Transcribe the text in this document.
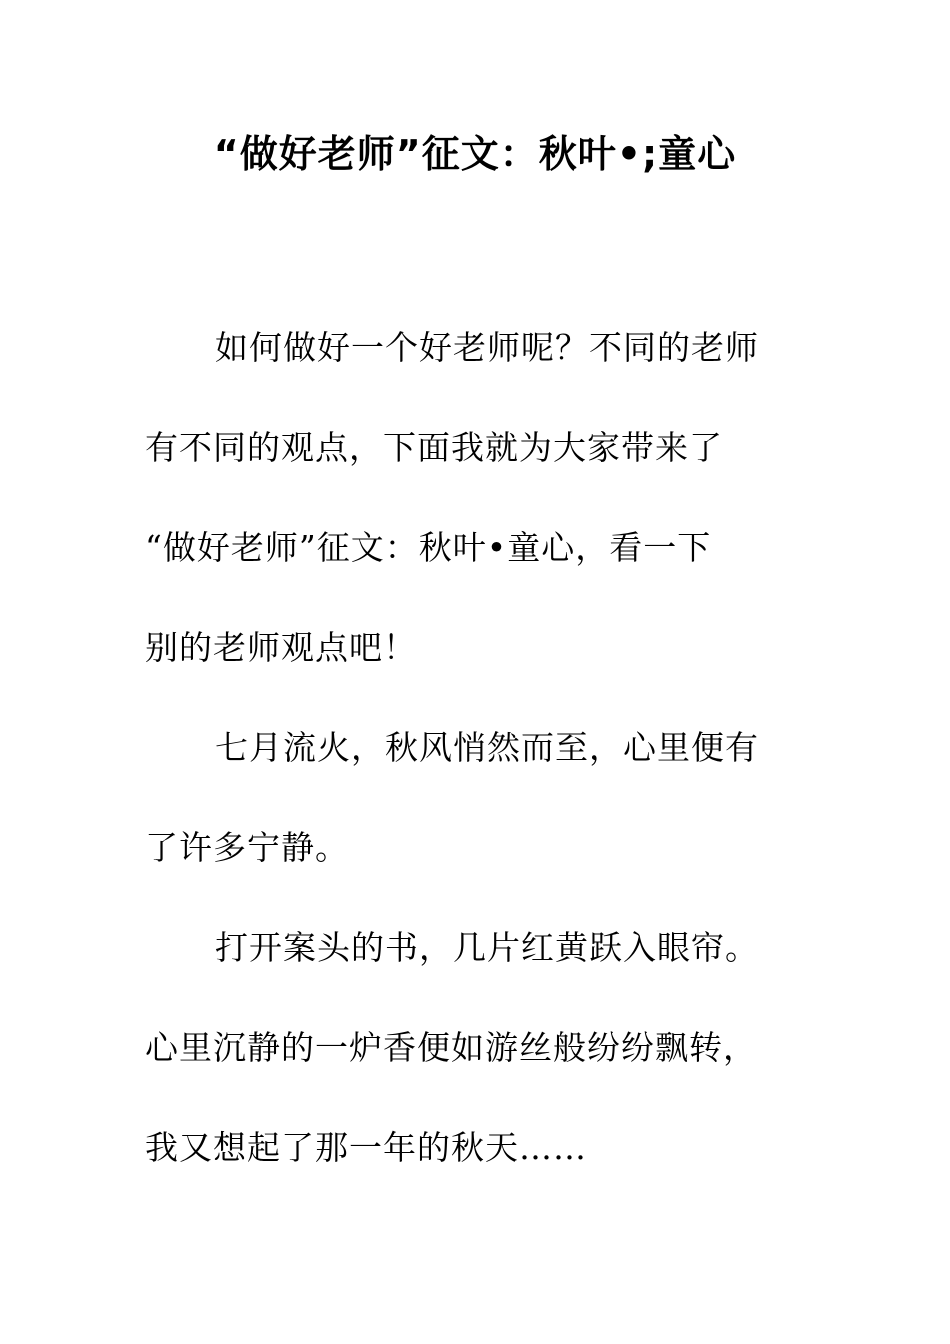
“做好老师”征文：秋叶•;童心
如何做好一个好老师呢？不同的老师
有不同的观点，下面我就为大家带来了
“做好老师”征文：秋叶•童心，看一下
别的老师观点吧！
七月流火，秋风悄然而至，心里便有
了许多宁静。
打开案头的书，几片红黄跃入眼帘。
心里沉静的一炉香便如游丝般纷纷飘转，
我又想起了那一年的秋天……
